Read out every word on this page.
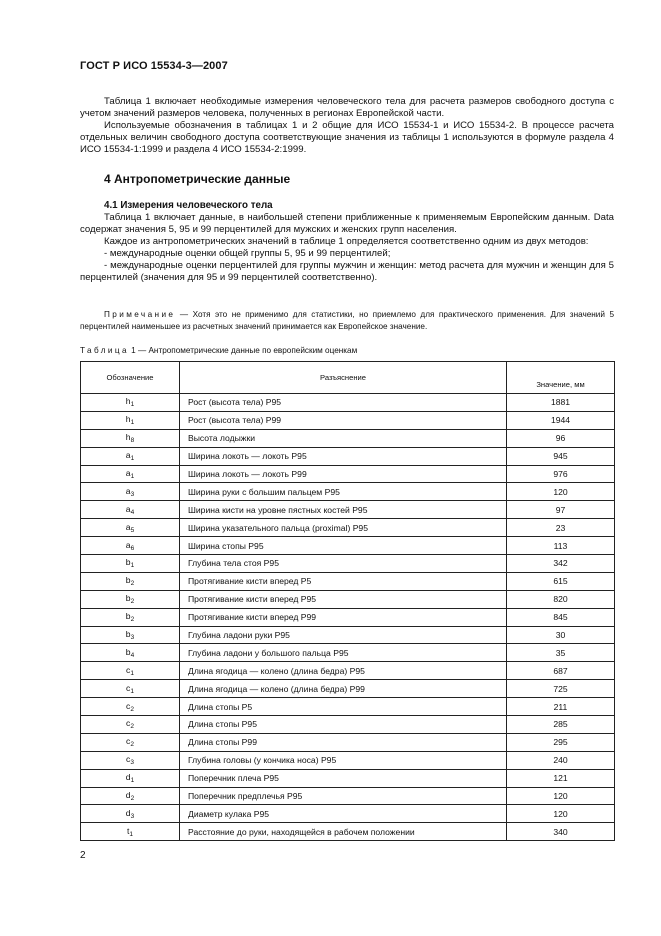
ГОСТ Р ИСО 15534-3—2007

Таблица 1 включает необходимые измерения человеческого тела для расчета размеров свободного доступа с учетом значений размеров человека, полученных в регионах Европейской части.

Используемые обозначения в таблицах 1 и 2 общие для ИСО 15534-1 и ИСО 15534-2. В процессе расчета отдельных величин свободного доступа соответствующие значения из таблицы 1 используются в формуле раздела 4 ИСО 15534-1:1999 и раздела 4 ИСО 15534-2:1999.

4 Антропометрические данные
4.1 Измерения человеческого тела

Таблица 1 включает данные, в наибольшей степени приближенные к применяемым Европейским данным. Data содержат значения 5, 95 и 99 перцентилей для мужских и женских групп населения.

Каждое из антропометрических значений в таблице 1 определяется соответственно одним из двух методов:

- международные оценки общей группы 5, 95 и 99 перцентилей;

- международные оценки перцентилей для группы мужчин и женщин: метод расчета для мужчин и женщин для 5 перцентилей (значения для 95 и 99 перцентилей соответственно).

Примечание — Хотя это не применимо для статистики, но приемлемо для практического применения. Для значений 5 перцентилей наименьшее из расчетных значений принимается как Европейское значение.
Таблица 1 — Антропометрические данные по европейским оценкам
Обозначение	Разъяснение	Значение, мм
$h_1$	Рост (высота тела) Р95	1881
$h_1$	Рост (высота тела) Р99	1944
$h_8$	Высота лодыжки	96
$a_1$	Ширина локоть — локоть Р95	945
$a_1$	Ширина локоть — локоть Р99	976
$a_3$	Ширина руки с большим пальцем Р95	120
$a_4$	Ширина кисти на уровне пястных костей Р95	97
$a_5$	Ширина указательного пальца (proximal) Р95	23
$a_6$	Ширина стопы Р95	113
$b_1$	Глубина тела стоя Р95	342
$b_2$	Протягивание кисти вперед Р5	615
$b_2$	Протягивание кисти вперед Р95	820
$b_2$	Протягивание кисти вперед Р99	845
$b_3$	Глубина ладони руки Р95	30
$b_4$	Глубина ладони у большого пальца Р95	35
$c_1$	Длина ягодица — колено (длина бедра) Р95	687
$c_1$	Длина ягодица — колено (длина бедра) Р99	725
$c_2$	Длина стопы Р5	211
$c_2$	Длина стопы Р95	285
$c_2$	Длина стопы Р99	295
$c_3$	Глубина головы (у кончика носа) Р95	240
$d_1$	Поперечник плеча Р95	121
$d_2$	Поперечник предплечья Р95	120
$d_3$	Диаметр кулака Р95	120
$t_1$	Расстояние до руки, находящейся в рабочем положении	340
2
